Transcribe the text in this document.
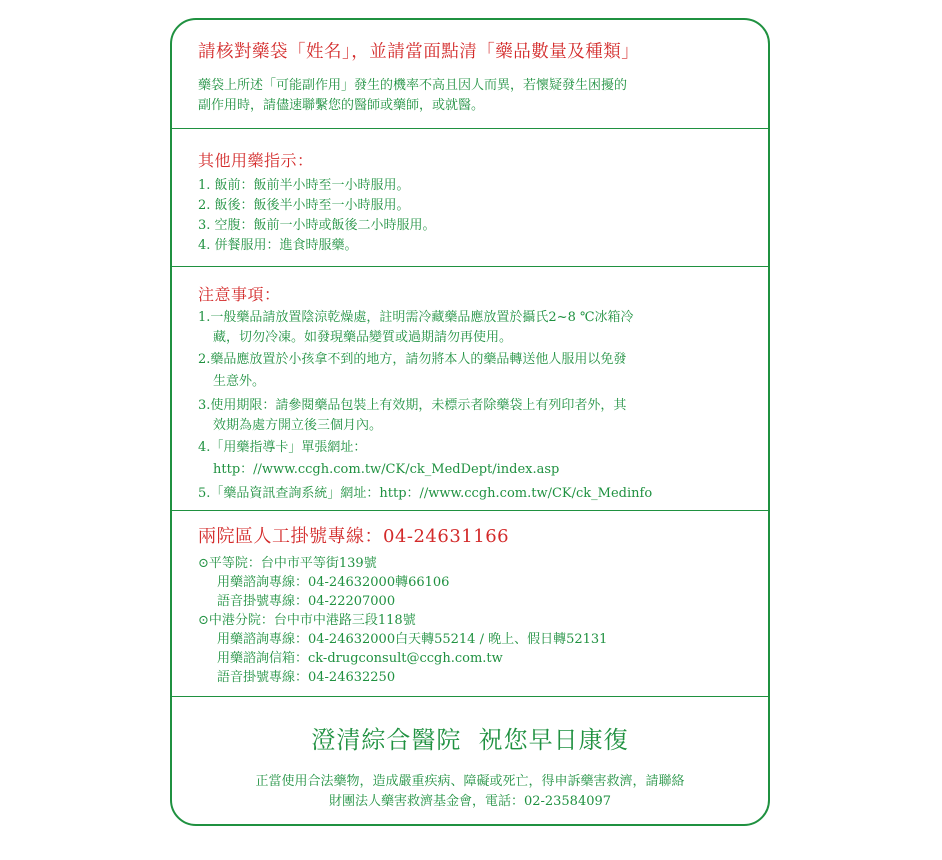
請核對藥袋「姓名」，並請當面點清「藥品數量及種類」
藥袋上所述「可能副作用」發生的機率不高且因人而異，若懷疑發生困擾的
副作用時，請儘速聯繫您的醫師或藥師，或就醫。
其他用藥指示：
1. 飯前：飯前半小時至一小時服用。
2. 飯後：飯後半小時至一小時服用。
3. 空腹：飯前一小時或飯後二小時服用。
4. 併餐服用：進食時服藥。
注意事項：
1.一般藥品請放置陰涼乾燥處，註明需冷藏藥品應放置於攝氏2~8 ℃冰箱冷
藏，切勿冷凍。如發現藥品變質或過期請勿再使用。
2.藥品應放置於小孩拿不到的地方，請勿將本人的藥品轉送他人服用以免發
生意外。
3.使用期限：請參閱藥品包裝上有效期，未標示者除藥袋上有列印者外，其
效期為處方開立後三個月內。
4.「用藥指導卡」單張網址：
http：//www.ccgh.com.tw/CK/ck_MedDept/index.asp
5.「藥品資訊查詢系統」網址：http：//www.ccgh.com.tw/CK/ck_Medinfo
兩院區人工掛號專線：04-24631166
⊙平等院：台中市平等街139號
用藥諮詢專線：04-24632000轉66106
語音掛號專線：04-22207000
⊙中港分院：台中市中港路三段118號
用藥諮詢專線：04-24632000白天轉55214 / 晚上、假日轉52131
用藥諮詢信箱：ck-drugconsult@ccgh.com.tw
語音掛號專線：04-24632250
澄清綜合醫院  祝您早日康復
正當使用合法藥物，造成嚴重疾病、障礙或死亡，得申訴藥害救濟，請聯絡
財團法人藥害救濟基金會，電話：02-23584097
